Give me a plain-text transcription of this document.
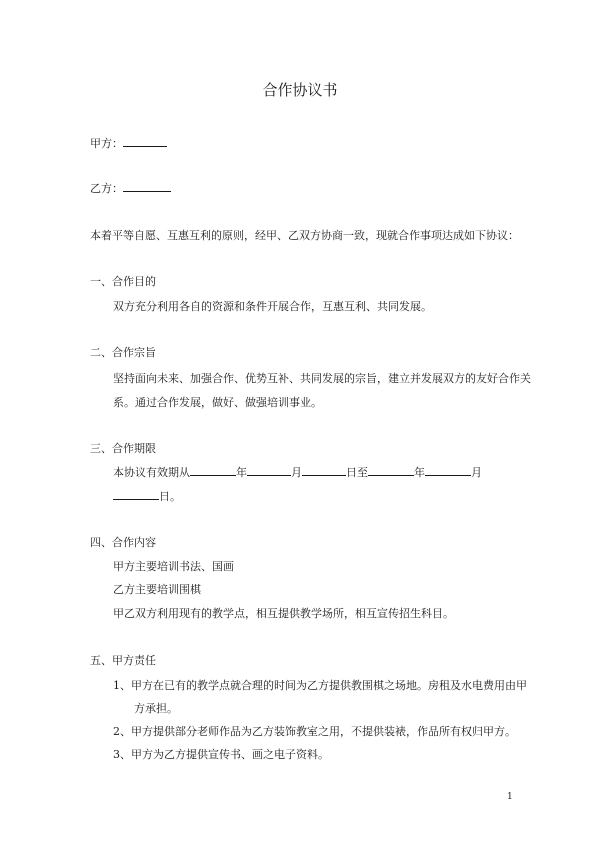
合作协议书
甲方：
乙方：
本着平等自愿、互惠互利的原则，经甲、乙双方协商一致，现就合作事项达成如下协议：
一、合作目的
双方充分利用各自的资源和条件开展合作，互惠互利、共同发展。
二、合作宗旨
坚持面向未来、加强合作、优势互补、共同发展的宗旨，建立并发展双方的友好合作关
系。通过合作发展，做好、做强培训事业。
三、合作期限
本协议有效期从	年	月	日至	年	月
日。
四、合作内容
甲方主要培训书法、国画
乙方主要培训围棋
甲乙双方利用现有的教学点，相互提供教学场所，相互宣传招生科目。
五、甲方责任
1、甲方在已有的教学点就合理的时间为乙方提供教围棋之场地。房租及水电费用由甲
方承担。
2、甲方提供部分老师作品为乙方装饰教室之用，不提供装裱，作品所有权归甲方。
3、甲方为乙方提供宣传书、画之电子资料。
1
